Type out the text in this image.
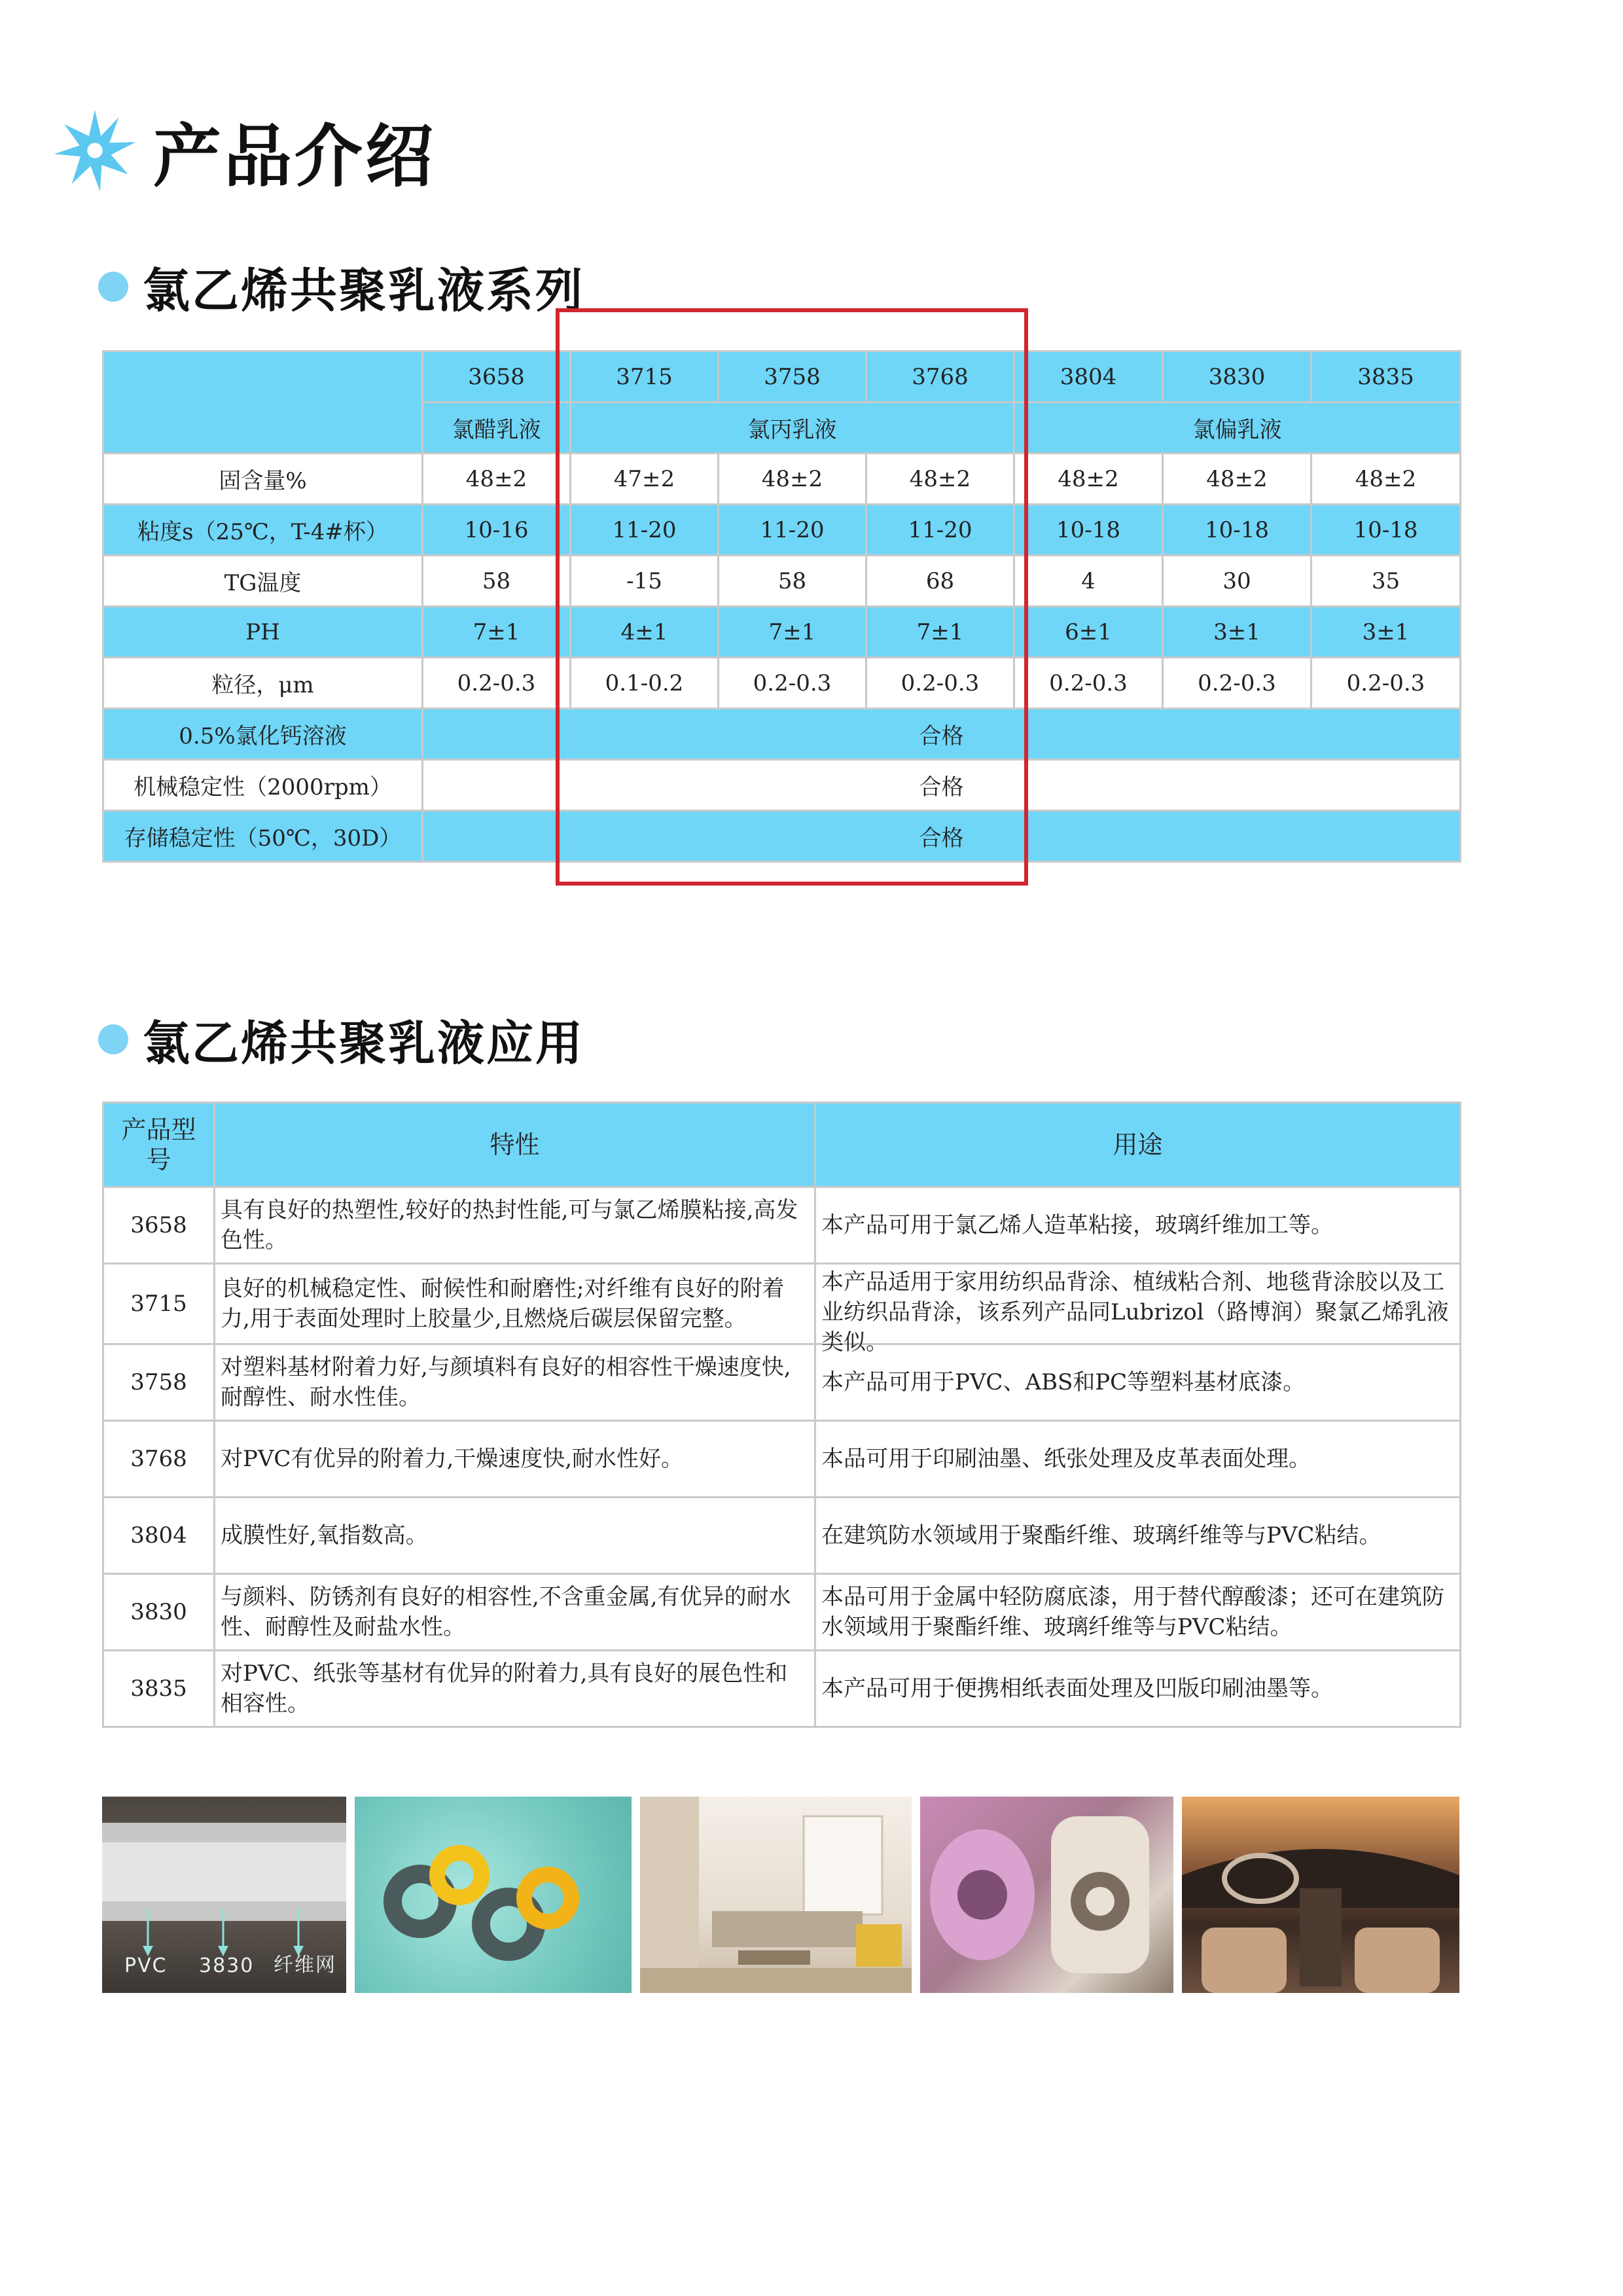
产品介绍
氯乙烯共聚乳液系列
	3658	3715	3758	3768	3804	3830	3835
	氯醋乳液	氯丙乳液			氯偏乳液		
固含量%	48±2	47±2	48±2	48±2	48±2	48±2	48±2
粘度s（25℃，T-4#杯）	10-16	11-20	11-20	11-20	10-18	10-18	10-18
TG温度	58	-15	58	68	4	30	35
PH	7±1	4±1	7±1	7±1	6±1	3±1	3±1
粒径，μm	0.2-0.3	0.1-0.2	0.2-0.3	0.2-0.3	0.2-0.3	0.2-0.3	0.2-0.3
0.5%氯化钙溶液	合格						
机械稳定性（2000rpm）	合格						
存储稳定性（50℃，30D）	合格						
氯乙烯共聚乳液应用
产品型号	特性	用途
3658	具有良好的热塑性,较好的热封性能,可与氯乙烯膜粘接,高发色性。	本产品可用于氯乙烯人造革粘接，玻璃纤维加工等。

3715	良好的机械稳定性、耐候性和耐磨性;对纤维有良好的附着力,用于表面处理时上胶量少,且燃烧后碳层保留完整。	本产品适用于家用纺织品背涂、植绒粘合剂、地毯背涂胶以及工业纺织品背涂，该系列产品同Lubrizol（路博润）聚氯乙烯乳液类似。

3758	对塑料基材附着力好,与颜填料有良好的相容性干燥速度快,耐醇性、耐水性佳。	本产品可用于PVC、ABS和PC等塑料基材底漆。

3768	对PVC有优异的附着力,干燥速度快,耐水性好。	本品可用于印刷油墨、纸张处理及皮革表面处理。

3804	成膜性好,氧指数高。	在建筑防水领域用于聚酯纤维、玻璃纤维等与PVC粘结。

3830	与颜料、防锈剂有良好的相容性,不含重金属,有优异的耐水性、耐醇性及耐盐水性。	本品可用于金属中轻防腐底漆，用于替代醇酸漆；还可在建筑防水领域用于聚酯纤维、玻璃纤维等与PVC粘结。

3835	对PVC、纸张等基材有优异的附着力,具有良好的展色性和相容性。	本产品可用于便携相纸表面处理及凹版印刷油墨等。
PVC 3830 纤维网
